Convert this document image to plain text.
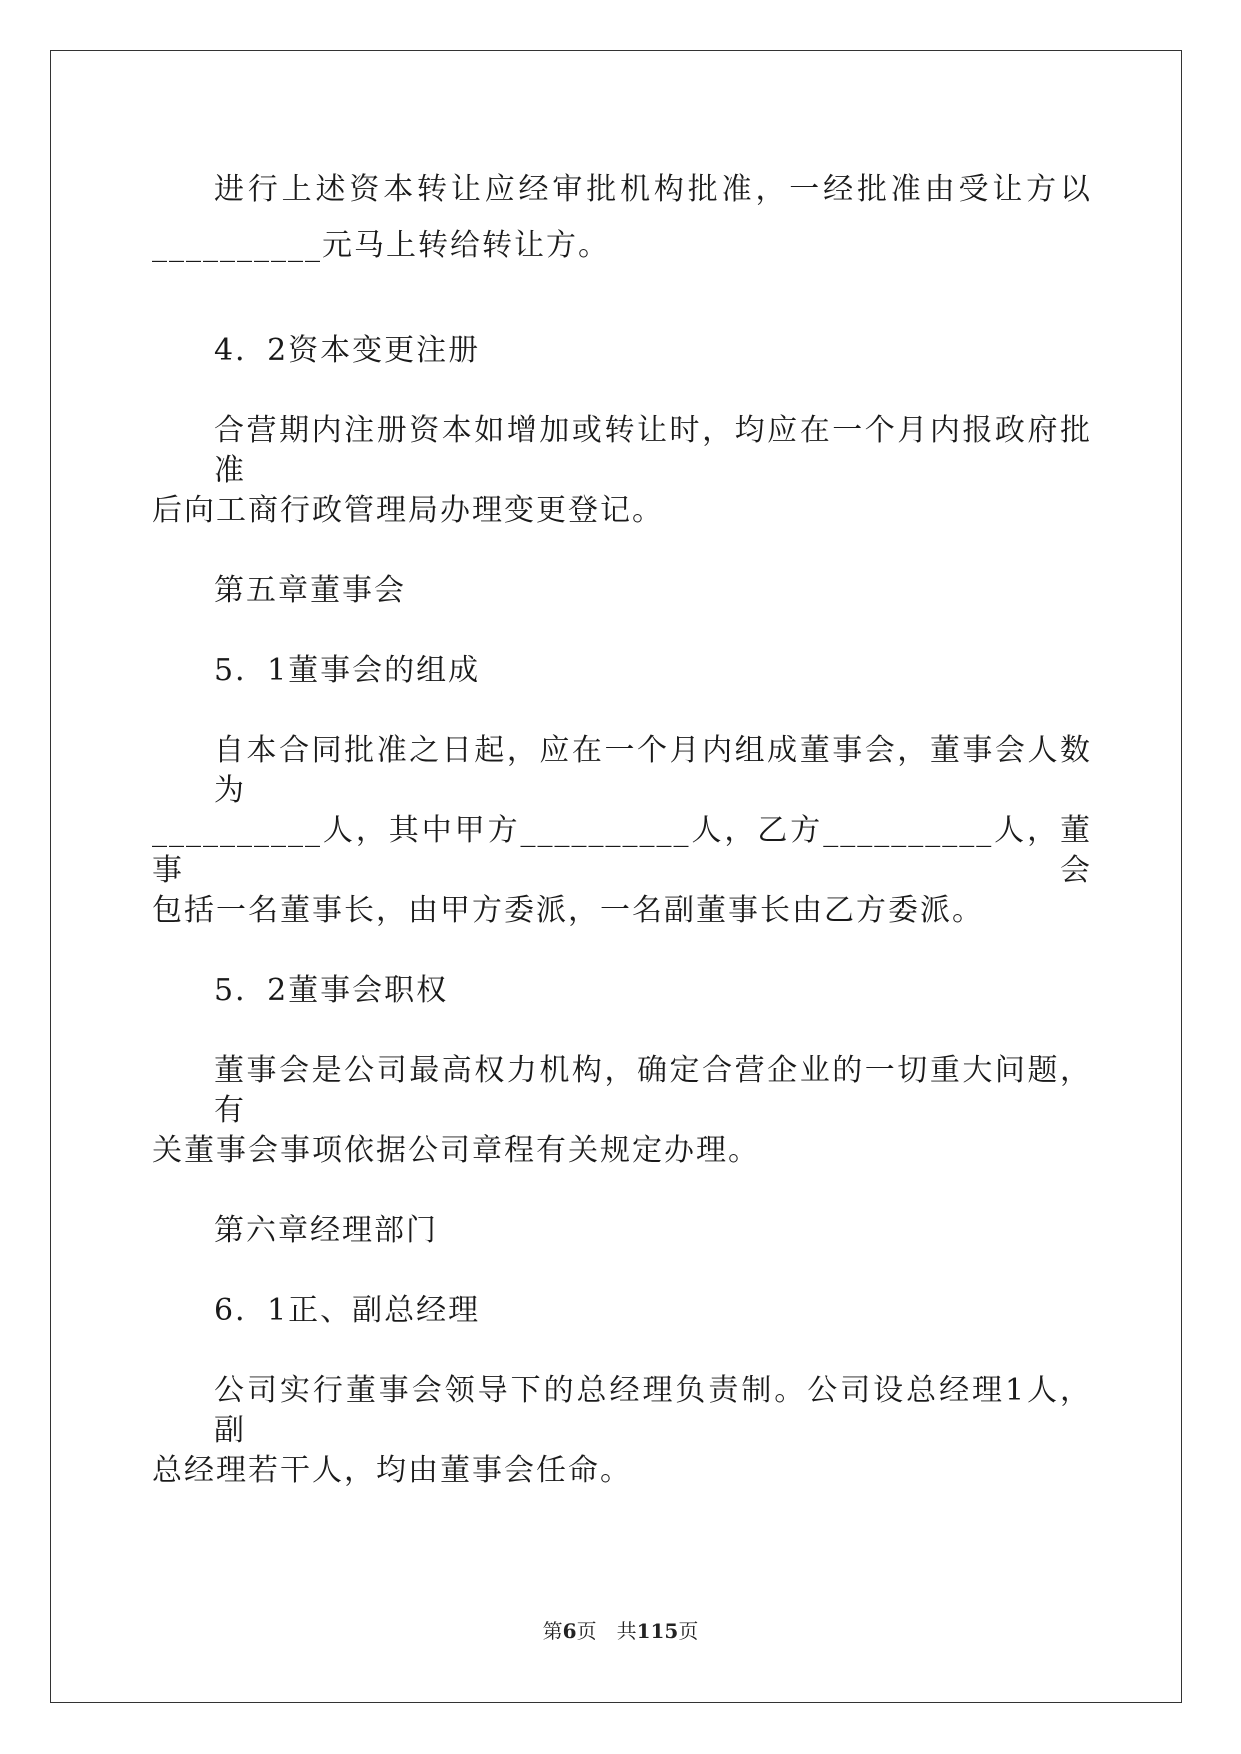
进行上述资本转让应经审批机构批准，一经批准由受让方以
__________元马上转给转让方。
4．2资本变更注册
合营期内注册资本如增加或转让时，均应在一个月内报政府批准
后向工商行政管理局办理变更登记。
第五章董事会
5．1董事会的组成
自本合同批准之日起，应在一个月内组成董事会，董事会人数为
__________人，其中甲方__________人，乙方__________人，董事会
包括一名董事长，由甲方委派，一名副董事长由乙方委派。
5．2董事会职权
董事会是公司最高权力机构，确定合营企业的一切重大问题，有
关董事会事项依据公司章程有关规定办理。
第六章经理部门
6．1正、副总经理
公司实行董事会领导下的总经理负责制。公司设总经理1人，副
总经理若干人，均由董事会任命。
第6页　共115页
